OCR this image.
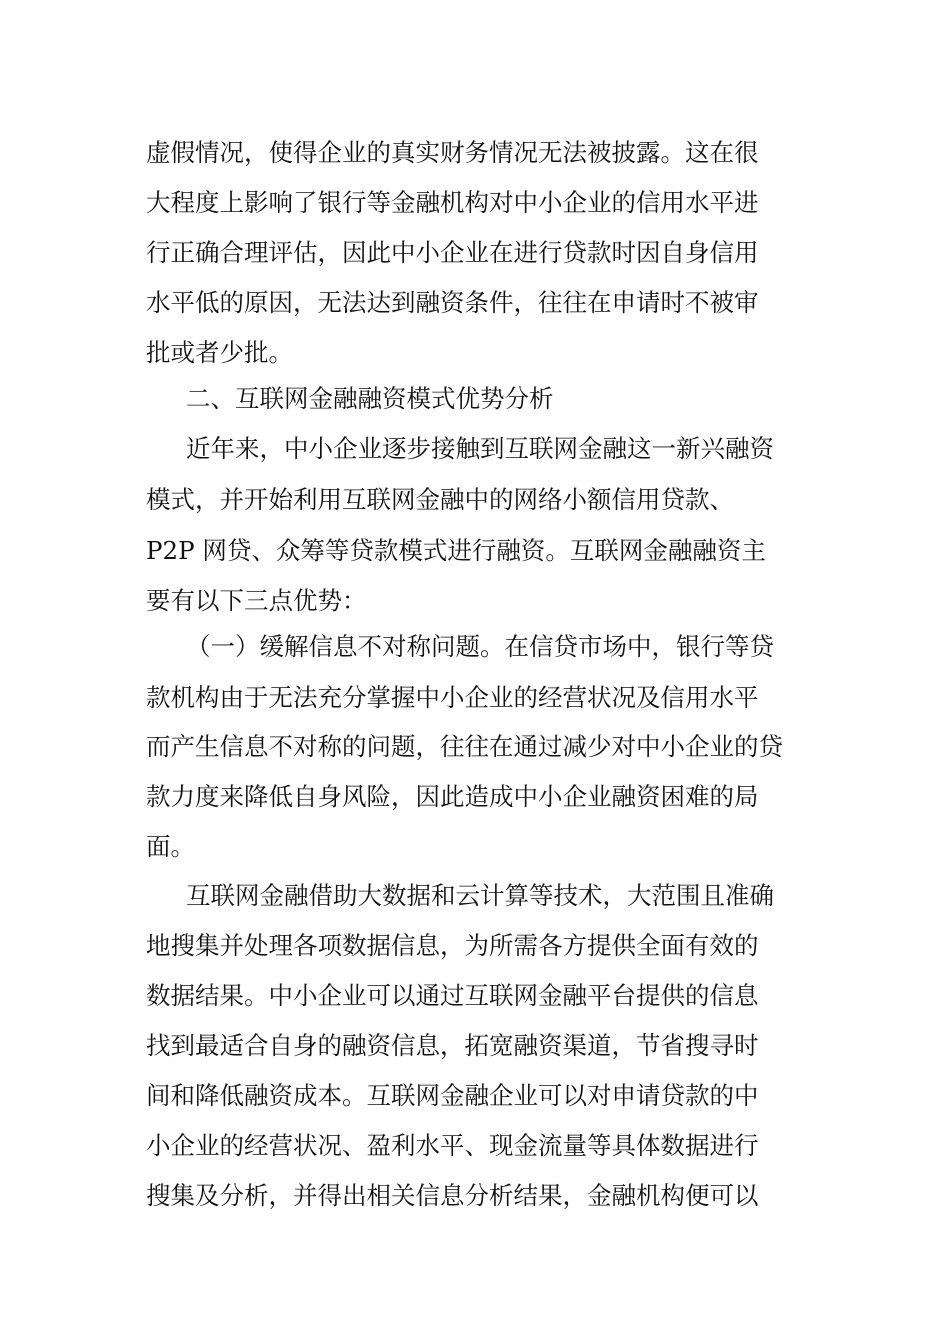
虚假情况，使得企业的真实财务情况无法被披露。这在很
大程度上影响了银行等金融机构对中小企业的信用水平进
行正确合理评估，因此中小企业在进行贷款时因自身信用
水平低的原因，无法达到融资条件，往往在申请时不被审
批或者少批。
二、互联网金融融资模式优势分析
近年来，中小企业逐步接触到互联网金融这一新兴融资
模式，并开始利用互联网金融中的网络小额信用贷款、
P2P 网贷、众筹等贷款模式进行融资。互联网金融融资主
要有以下三点优势：
（一）缓解信息不对称问题。在信贷市场中，银行等贷
款机构由于无法充分掌握中小企业的经营状况及信用水平
而产生信息不对称的问题，往往在通过减少对中小企业的贷
款力度来降低自身风险，因此造成中小企业融资困难的局
面。
互联网金融借助大数据和云计算等技术，大范围且准确
地搜集并处理各项数据信息，为所需各方提供全面有效的
数据结果。中小企业可以通过互联网金融平台提供的信息
找到最适合自身的融资信息，拓宽融资渠道，节省搜寻时
间和降低融资成本。互联网金融企业可以对申请贷款的中
小企业的经营状况、盈利水平、现金流量等具体数据进行
搜集及分析，并得出相关信息分析结果，金融机构便可以
